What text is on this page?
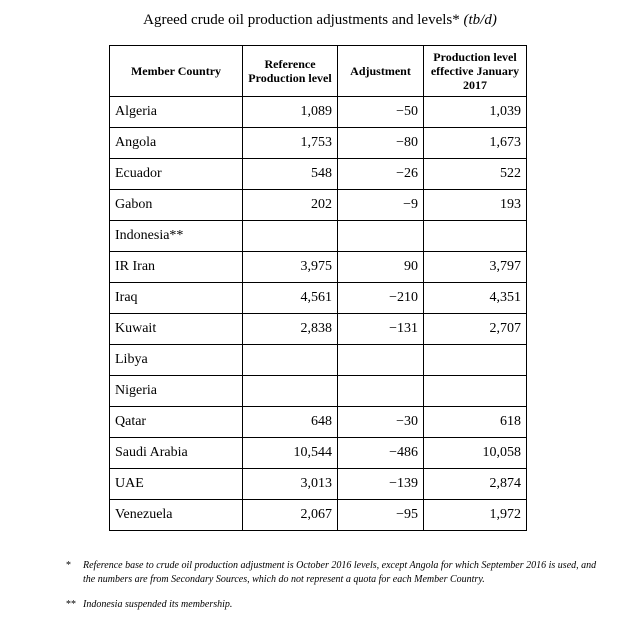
Agreed crude oil production adjustments and levels* (tb/d)
Member Country	Reference Production level	Adjustment	Production level effective January 2017
Algeria	1,089	−50	1,039
Angola	1,753	−80	1,673
Ecuador	548	−26	522
Gabon	202	−9	193
Indonesia**			
IR Iran	3,975	90	3,797
Iraq	4,561	−210	4,351
Kuwait	2,838	−131	2,707
Libya			
Nigeria			
Qatar	648	−30	618
Saudi Arabia	10,544	−486	10,058
UAE	3,013	−139	2,874
Venezuela	2,067	−95	1,972
* Reference base to crude oil production adjustment is October 2016 levels, except Angola for which September 2016 is used, and the numbers are from Secondary Sources, which do not represent a quota for each Member Country.
** Indonesia suspended its membership.
